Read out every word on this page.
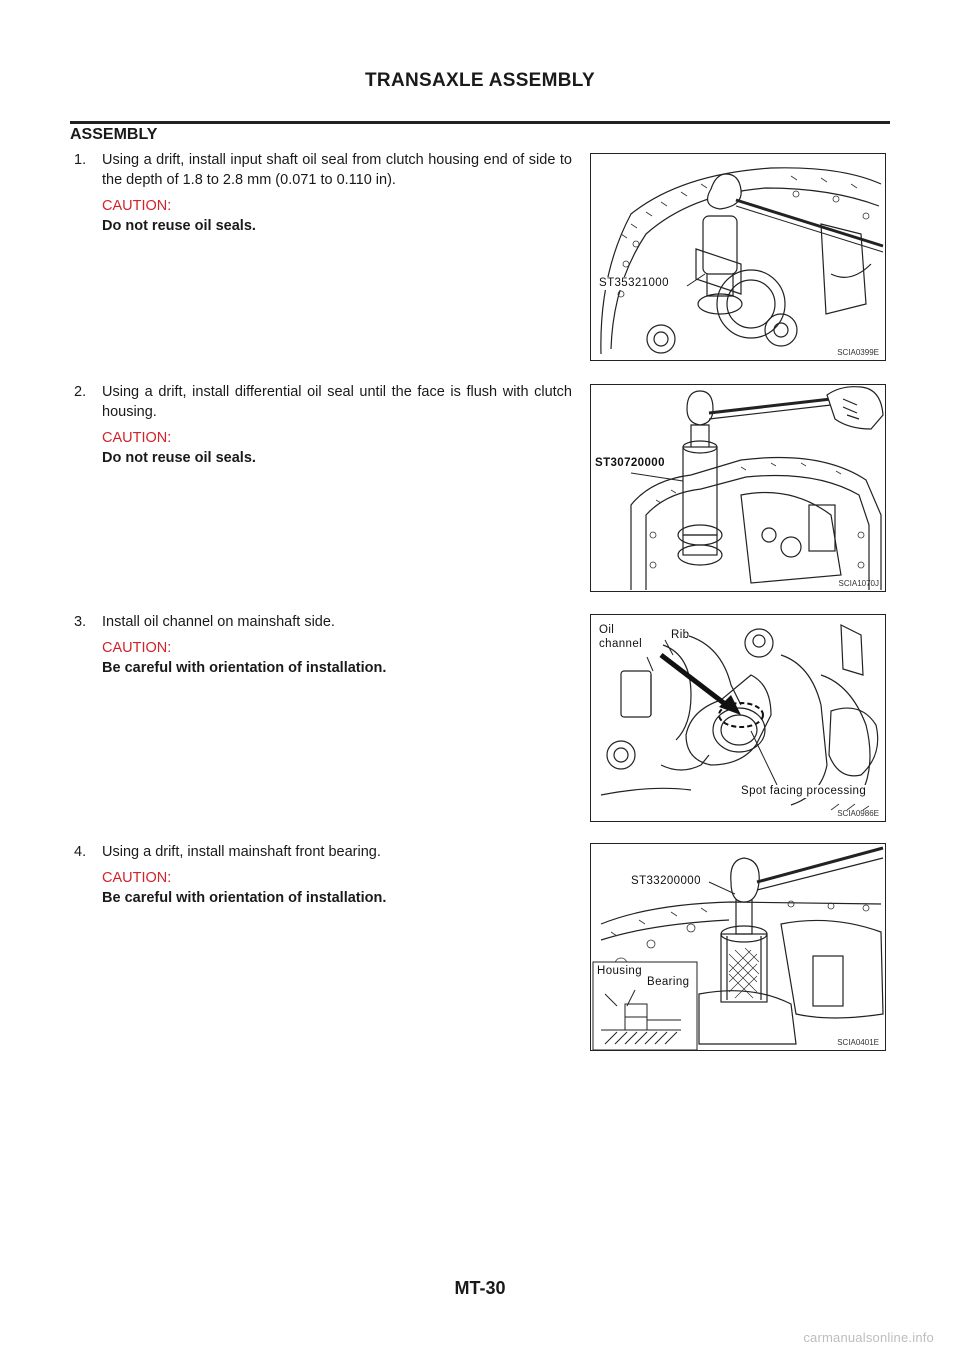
TRANSAXLE ASSEMBLY
ASSEMBLY
1. Using a drift, install input shaft oil seal from clutch housing end of side to the depth of 1.8 to 2.8 mm (0.071 to 0.110 in).
CAUTION:
Do not reuse oil seals.
2. Using a drift, install differential oil seal until the face is flush with clutch housing.
CAUTION:
Do not reuse oil seals.
3. Install oil channel on mainshaft side.
CAUTION:
Be careful with orientation of installation.
4. Using a drift, install mainshaft front bearing.
CAUTION:
Be careful with orientation of installation.
ST35321000
SCIA0399E
ST30720000
SCIA1070J
Oil
channel
Rib
Spot facing processing
SCIA0986E
ST33200000
Housing
Bearing
SCIA0401E
MT-30
carmanualsonline.info
